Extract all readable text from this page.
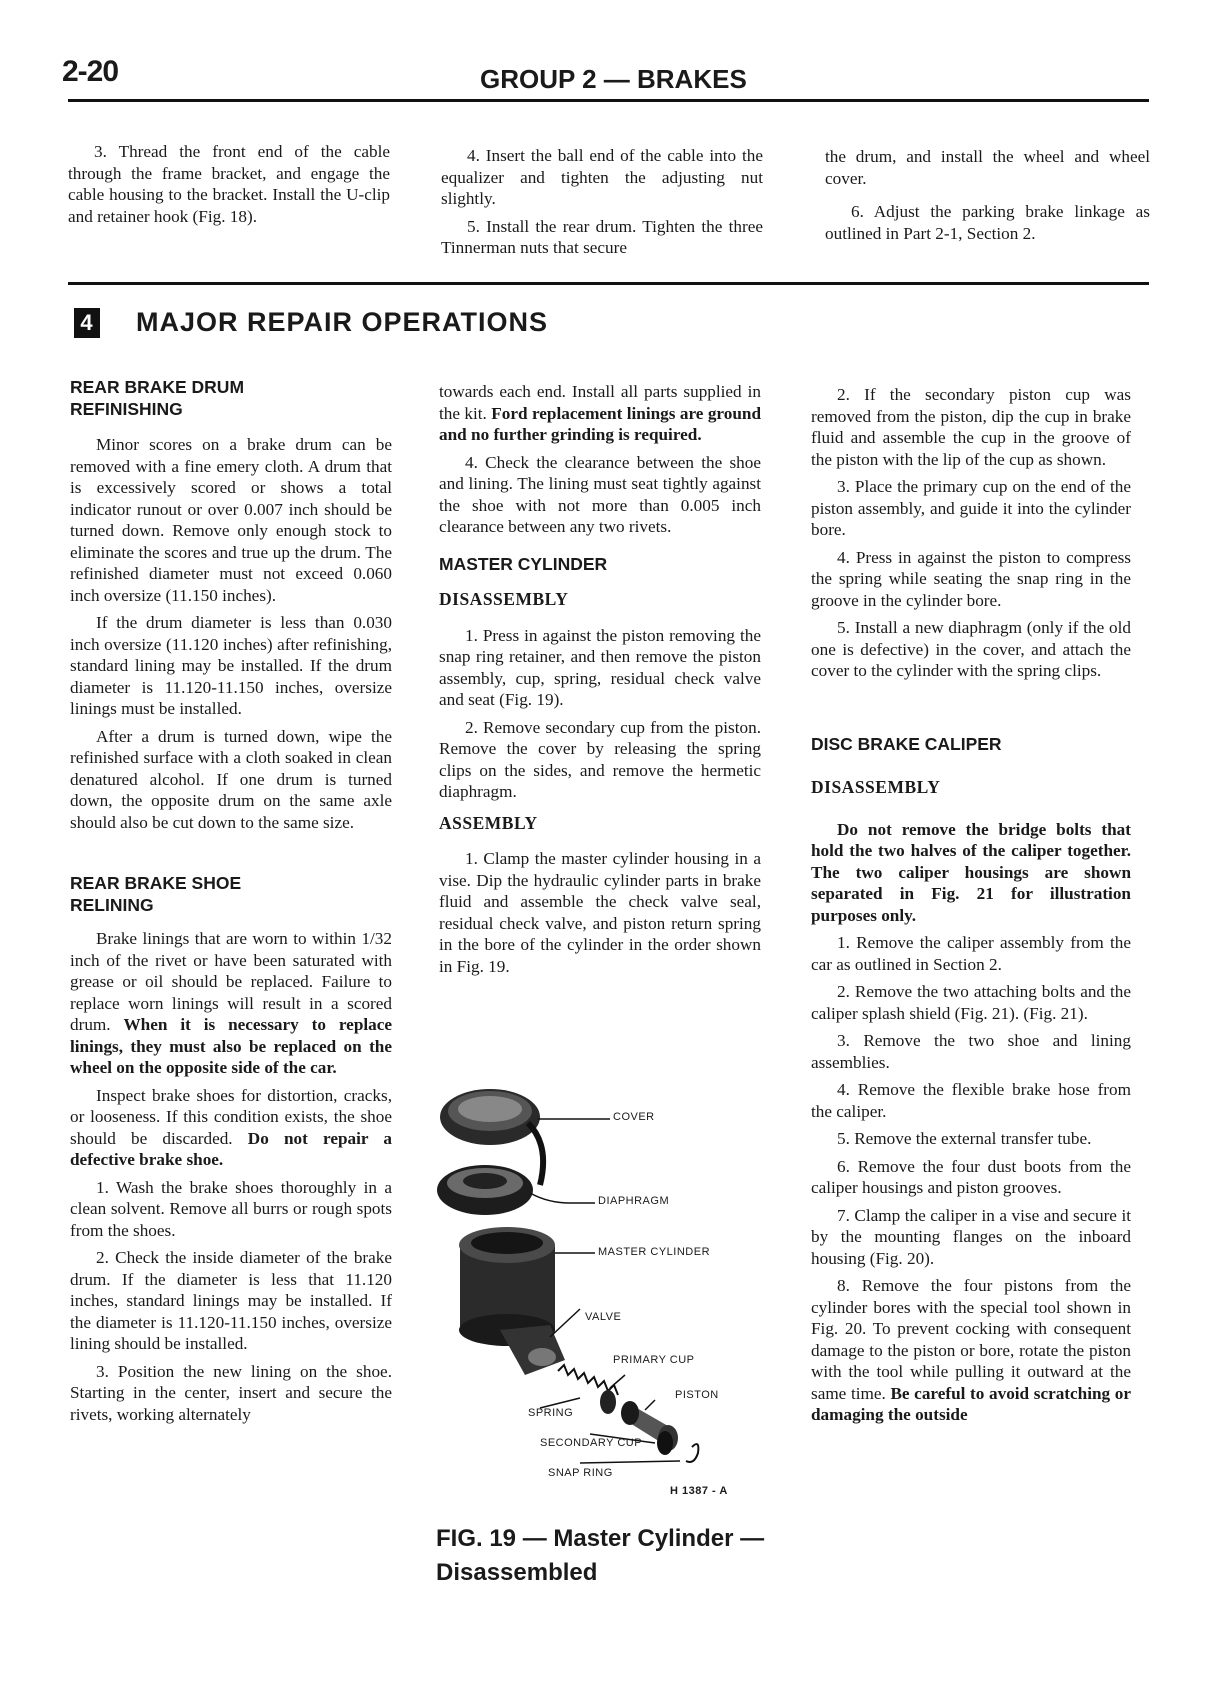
2-20	GROUP 2 — BRAKES

3. Thread the front end of the cable through the frame bracket, and engage the cable housing to the bracket. Install the U-clip and retainer hook (Fig. 18).

4. Insert the ball end of the cable into the equalizer and tighten the adjusting nut slightly.

5. Install the rear drum. Tighten the three Tinnerman nuts that secure

the drum, and install the wheel and wheel cover.

6. Adjust the parking brake linkage as outlined in Part 2-1, Section 2.

4 MAJOR REPAIR OPERATIONS
REAR BRAKE DRUM REFINISHING

Minor scores on a brake drum can be removed with a fine emery cloth. A drum that is excessively scored or shows a total indicator runout or over 0.007 inch should be turned down. Remove only enough stock to eliminate the scores and true up the drum. The refinished diameter must not exceed 0.060 inch oversize (11.150 inches).

If the drum diameter is less than 0.030 inch oversize (11.120 inches) after refinishing, standard lining may be installed. If the drum diameter is 11.120-11.150 inches, oversize linings must be installed.

After a drum is turned down, wipe the refinished surface with a cloth soaked in clean denatured alcohol. If one drum is turned down, the opposite drum on the same axle should also be cut down to the same size.

REAR BRAKE SHOE RELINING

Brake linings that are worn to within 1/32 inch of the rivet or have been saturated with grease or oil should be replaced. Failure to replace worn linings will result in a scored drum. When it is necessary to replace linings, they must also be replaced on the wheel on the opposite side of the car.

Inspect brake shoes for distortion, cracks, or looseness. If this condition exists, the shoe should be discarded. Do not repair a defective brake shoe.

1. Wash the brake shoes thoroughly in a clean solvent. Remove all burrs or rough spots from the shoes.

2. Check the inside diameter of the brake drum. If the diameter is less that 11.120 inches, standard linings may be installed. If the diameter is 11.120-11.150 inches, oversize lining should be installed.

3. Position the new lining on the shoe. Starting in the center, insert and secure the rivets, working alternately

towards each end. Install all parts supplied in the kit. Ford replacement linings are ground and no further grinding is required.

4. Check the clearance between the shoe and lining. The lining must seat tightly against the shoe with not more than 0.005 inch clearance between any two rivets.

MASTER CYLINDER
DISASSEMBLY

1. Press in against the piston removing the snap ring retainer, and then remove the piston assembly, cup, spring, residual check valve and seat (Fig. 19).

2. Remove secondary cup from the piston. Remove the cover by releasing the spring clips on the sides, and remove the hermetic diaphragm.

ASSEMBLY

1. Clamp the master cylinder housing in a vise. Dip the hydraulic cylinder parts in brake fluid and assemble the check valve seal, residual check valve, and piston return spring in the bore of the cylinder in the order shown in Fig. 19.

COVER
DIAPHRAGM
MASTER CYLINDER
VALVE
PRIMARY CUP
PISTON
SPRING
SECONDARY CUP
SNAP RING
H 1387 - A
FIG. 19 — Master Cylinder — Disassembled

2. If the secondary piston cup was removed from the piston, dip the cup in brake fluid and assemble the cup in the groove of the piston with the lip of the cup as shown.

3. Place the primary cup on the end of the piston assembly, and guide it into the cylinder bore.

4. Press in against the piston to compress the spring while seating the snap ring in the groove in the cylinder bore.

5. Install a new diaphragm (only if the old one is defective) in the cover, and attach the cover to the cylinder with the spring clips.

DISC BRAKE CALIPER
DISASSEMBLY

Do not remove the bridge bolts that hold the two halves of the caliper together. The two caliper housings are shown separated in Fig. 21 for illustration purposes only.

1. Remove the caliper assembly from the car as outlined in Section 2.

2. Remove the two attaching bolts and the caliper splash shield (Fig. 21). (Fig. 21).

3. Remove the two shoe and lining assemblies.

4. Remove the flexible brake hose from the caliper.

5. Remove the external transfer tube.

6. Remove the four dust boots from the caliper housings and piston grooves.

7. Clamp the caliper in a vise and secure it by the mounting flanges on the inboard housing (Fig. 20).

8. Remove the four pistons from the cylinder bores with the special tool shown in Fig. 20. To prevent cocking with consequent damage to the piston or bore, rotate the piston with the tool while pulling it outward at the same time. Be careful to avoid scratching or damaging the outside
